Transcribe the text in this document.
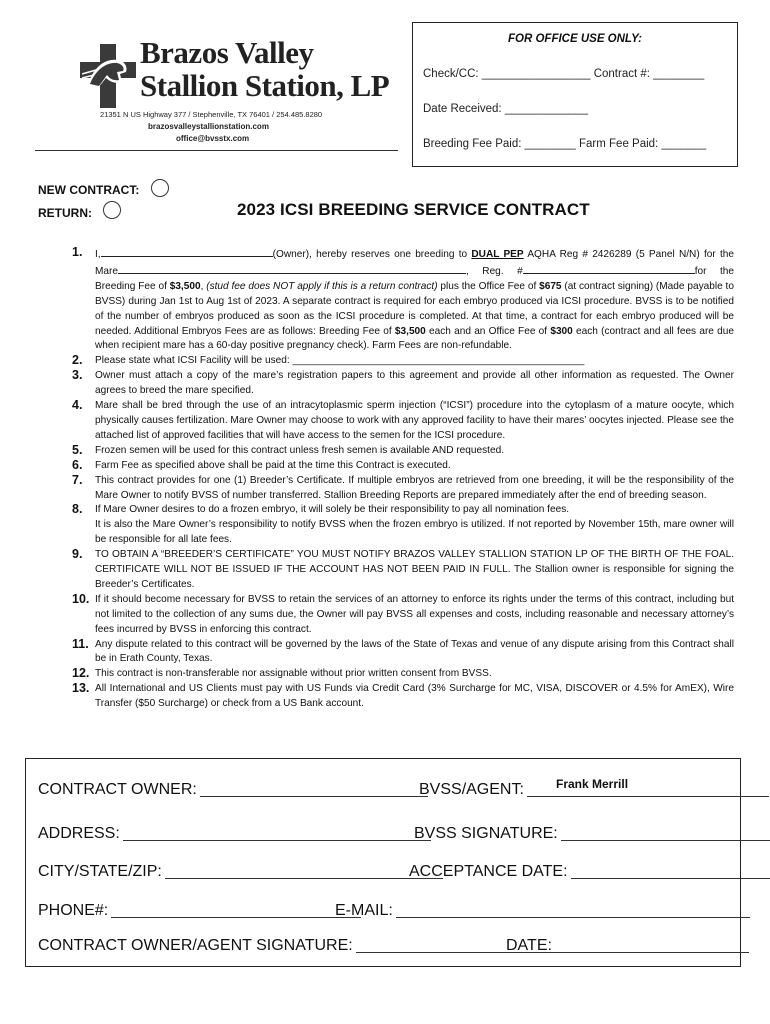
Brazos Valley
Stallion Station, LP
21351 N US Highway 377 / Stephenville, TX 76401 / 254.485.8280
brazosvalleystallionstation.com
office@bvsstx.com
FOR OFFICE USE ONLY:
Check/CC: _________________ Contract #: ________
Date Received: _____________
Breeding Fee Paid: ________ Farm Fee Paid: _______
NEW CONTRACT:
RETURN:	2023 ICSI BREEDING SERVICE CONTRACT
1. I,	(Owner), hereby reserves one breeding to DUAL PEP AQHA Reg # 2426289 (5 Panel N/N) for the Mare	, Reg. #	for the Breeding Fee of $3,500, (stud fee does NOT apply if this is a return contract) plus the Office Fee of $675 (at contract signing) (Made payable to BVSS) during Jan 1st to Aug 1st of 2023. A separate contract is required for each embryo produced via ICSI procedure. BVSS is to be notified of the number of embryos produced as soon as the ICSI procedure is completed. At that time, a contract for each embryo produced will be needed. Additional Embryos Fees are as follows: Breeding Fee of $3,500 each and an Office Fee of $300 each (contract and all fees are due when recipient mare has a 60-day positive pregnancy check). Farm Fees are non-refundable.
2. Please state what ICSI Facility will be used: ____________________________________________________
3. Owner must attach a copy of the mare’s registration papers to this agreement and provide all other information as requested. The Owner agrees to breed the mare specified.
4. Mare shall be bred through the use of an intracytoplasmic sperm injection (“ICSI”) procedure into the cytoplasm of a mature oocyte, which physically causes fertilization. Mare Owner may choose to work with any approved facility to have their mares’ oocytes injected. Please see the attached list of approved facilities that will have access to the semen for the ICSI procedure.
5. Frozen semen will be used for this contract unless fresh semen is available AND requested.
6. Farm Fee as specified above shall be paid at the time this Contract is executed.
7. This contract provides for one (1) Breeder’s Certificate. If multiple embryos are retrieved from one breeding, it will be the responsibility of the Mare Owner to notify BVSS of number transferred. Stallion Breeding Reports are prepared immediately after the end of breeding season.
8. If Mare Owner desires to do a frozen embryo, it will solely be their responsibility to pay all nomination fees.
It is also the Mare Owner’s responsibility to notify BVSS when the frozen embryo is utilized. If not reported by November 15th, mare owner will be responsible for all late fees.
9. TO OBTAIN A “BREEDER’S CERTIFICATE” YOU MUST NOTIFY BRAZOS VALLEY STALLION STATION LP OF THE BIRTH OF THE FOAL. CERTIFICATE WILL NOT BE ISSUED IF THE ACCOUNT HAS NOT BEEN PAID IN FULL. The Stallion owner is responsible for signing the Breeder’s Certificates.
10. If it should become necessary for BVSS to retain the services of an attorney to enforce its rights under the terms of this contract, including but not limited to the collection of any sums due, the Owner will pay BVSS all expenses and costs, including reasonable and necessary attorney’s fees incurred by BVSS in enforcing this contract.
11. Any dispute related to this contract will be governed by the laws of the State of Texas and venue of any dispute arising from this Contract shall be in Erath County, Texas.
12. This contract is non-transferable nor assignable without prior written consent from BVSS.
13. All International and US Clients must pay with US Funds via Credit Card (3% Surcharge for MC, VISA, DISCOVER or 4.5% for AmEX), Wire Transfer ($50 Surcharge) or check from a US Bank account.
CONTRACT OWNER:	BVSS/AGENT:	Frank Merrill
ADDRESS:	BVSS SIGNATURE:
CITY/STATE/ZIP:	ACCEPTANCE DATE:
PHONE#:	E-MAIL:
CONTRACT OWNER/AGENT SIGNATURE:	DATE:
